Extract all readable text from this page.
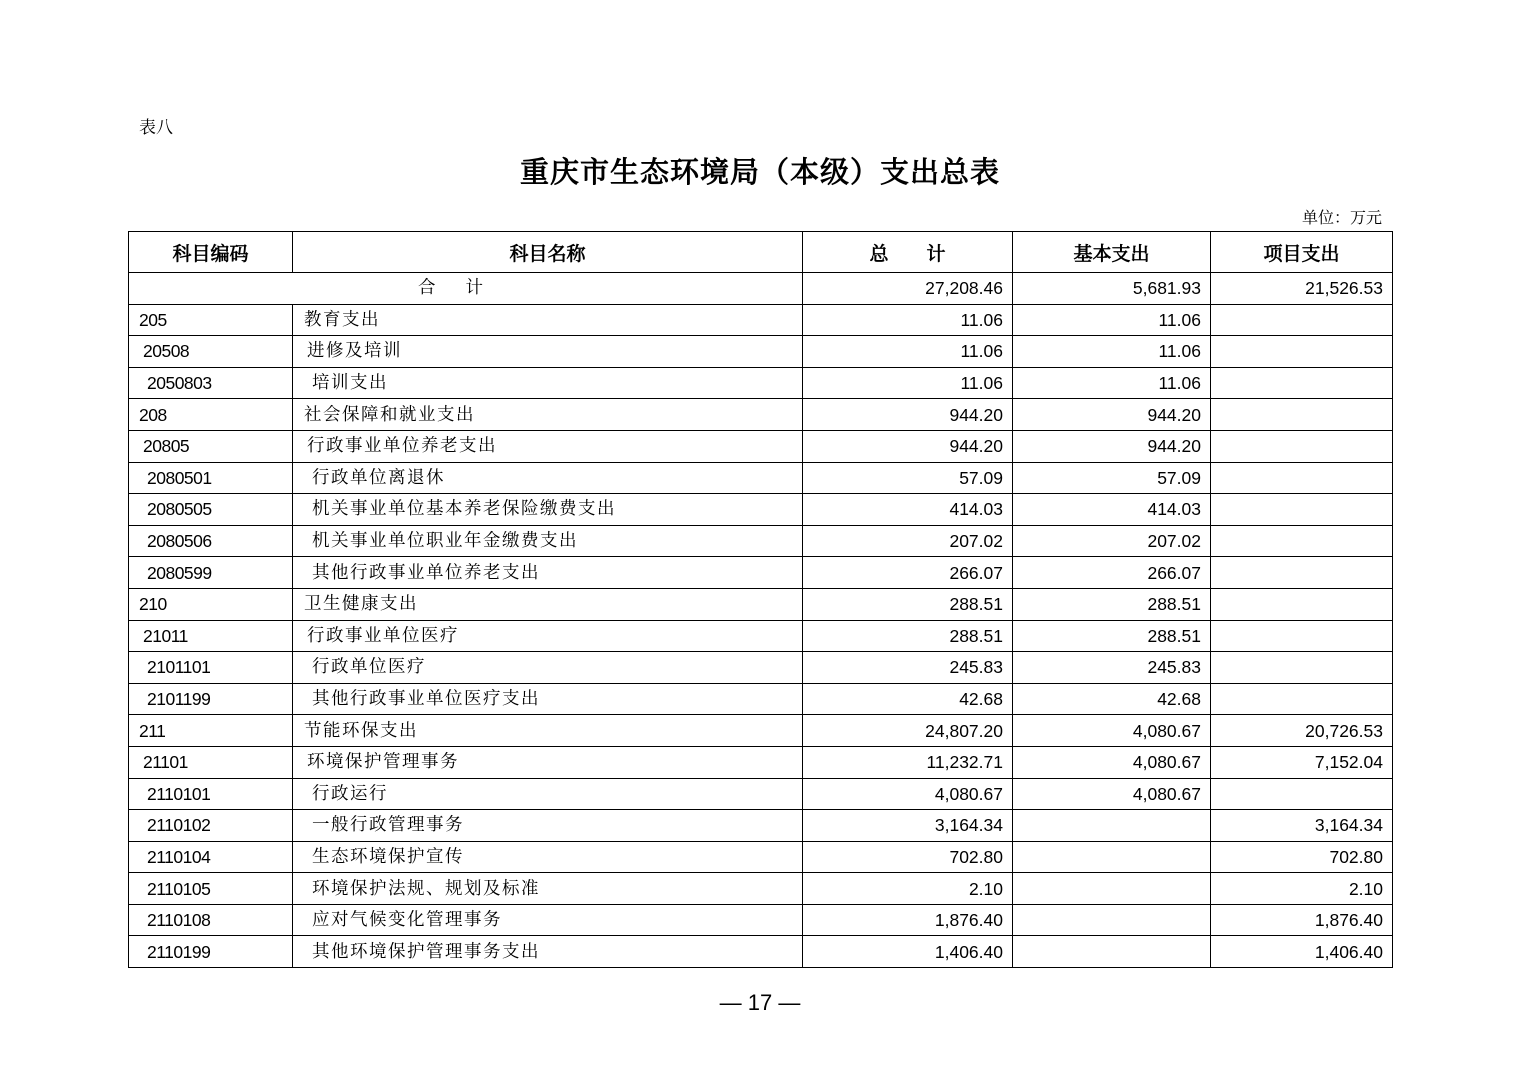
表八
重庆市生态环境局（本级）支出总表
单位：万元
科目编码	科目名称	总　　计	基本支出	项目支出
合计		27,208.46	5,681.93	21,526.53
205	教育支出	11.06	11.06	
20508	进修及培训	11.06	11.06	
2050803	培训支出	11.06	11.06	
208	社会保障和就业支出	944.20	944.20	
20805	行政事业单位养老支出	944.20	944.20	
2080501	行政单位离退休	57.09	57.09	
2080505	机关事业单位基本养老保险缴费支出	414.03	414.03	
2080506	机关事业单位职业年金缴费支出	207.02	207.02	
2080599	其他行政事业单位养老支出	266.07	266.07	
210	卫生健康支出	288.51	288.51	
21011	行政事业单位医疗	288.51	288.51	
2101101	行政单位医疗	245.83	245.83	
2101199	其他行政事业单位医疗支出	42.68	42.68	
211	节能环保支出	24,807.20	4,080.67	20,726.53
21101	环境保护管理事务	11,232.71	4,080.67	7,152.04
2110101	行政运行	4,080.67	4,080.67	
2110102	一般行政管理事务	3,164.34		3,164.34
2110104	生态环境保护宣传	702.80		702.80
2110105	环境保护法规、规划及标准	2.10		2.10
2110108	应对气候变化管理事务	1,876.40		1,876.40
2110199	其他环境保护管理事务支出	1,406.40		1,406.40
— 17 —
